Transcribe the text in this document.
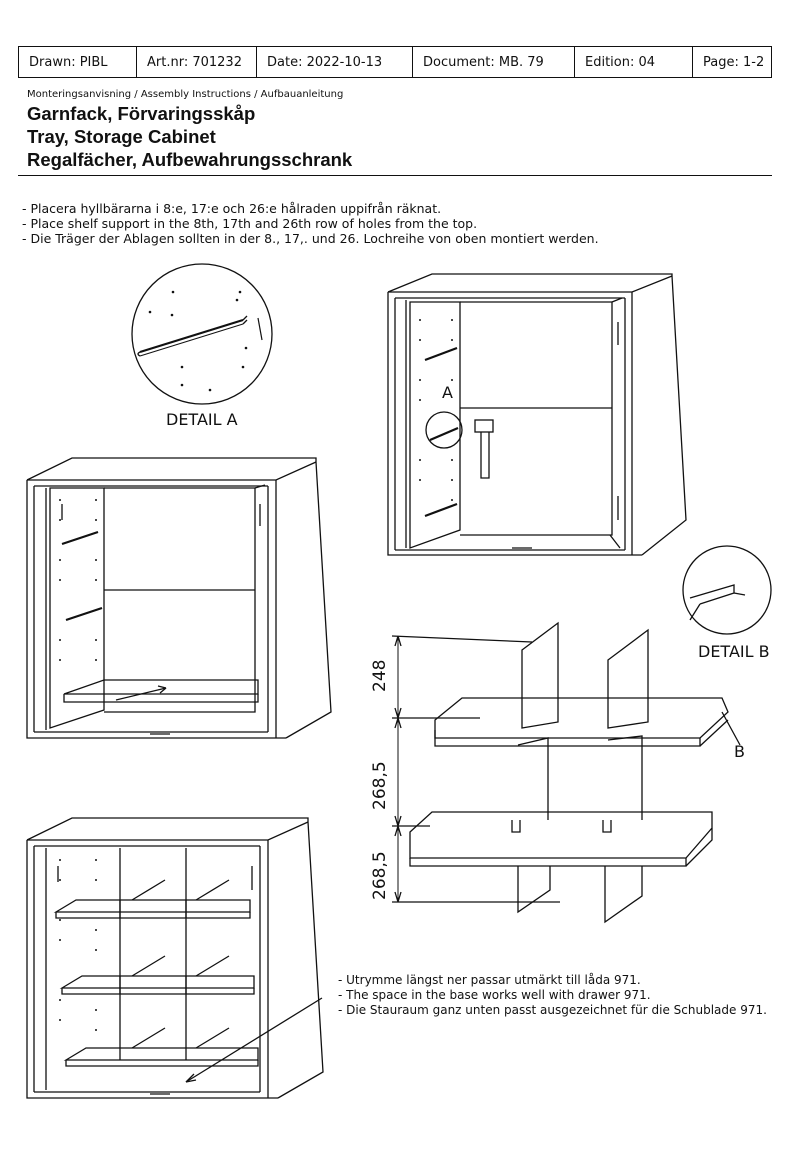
Drawn: PIBL	Art.nr: 701232	Date: 2022-10-13	Document: MB. 79	Edition: 04	Page: 1-2
Monteringsanvisning / Assembly Instructions / Aufbauanleitung
Garnfack, Förvaringsskåp
Tray, Storage Cabinet
Regalfächer, Aufbewahrungsschrank
- Placera hyllbärarna i 8:e, 17:e och 26:e hålraden uppifrån räknat.
- Place shelf support in the 8th, 17th and 26th row of holes from the top.
- Die Träger der Ablagen sollten in der 8., 17,. und 26. Lochreihe von oben montiert werden.
DETAIL A
DETAIL B
A
B
248
268,5
268,5
- Utrymme längst ner passar utmärkt till låda 971.
- The space in the base works well with drawer 971.
- Die Stauraum ganz unten passt ausgezeichnet für die Schublade 971.
